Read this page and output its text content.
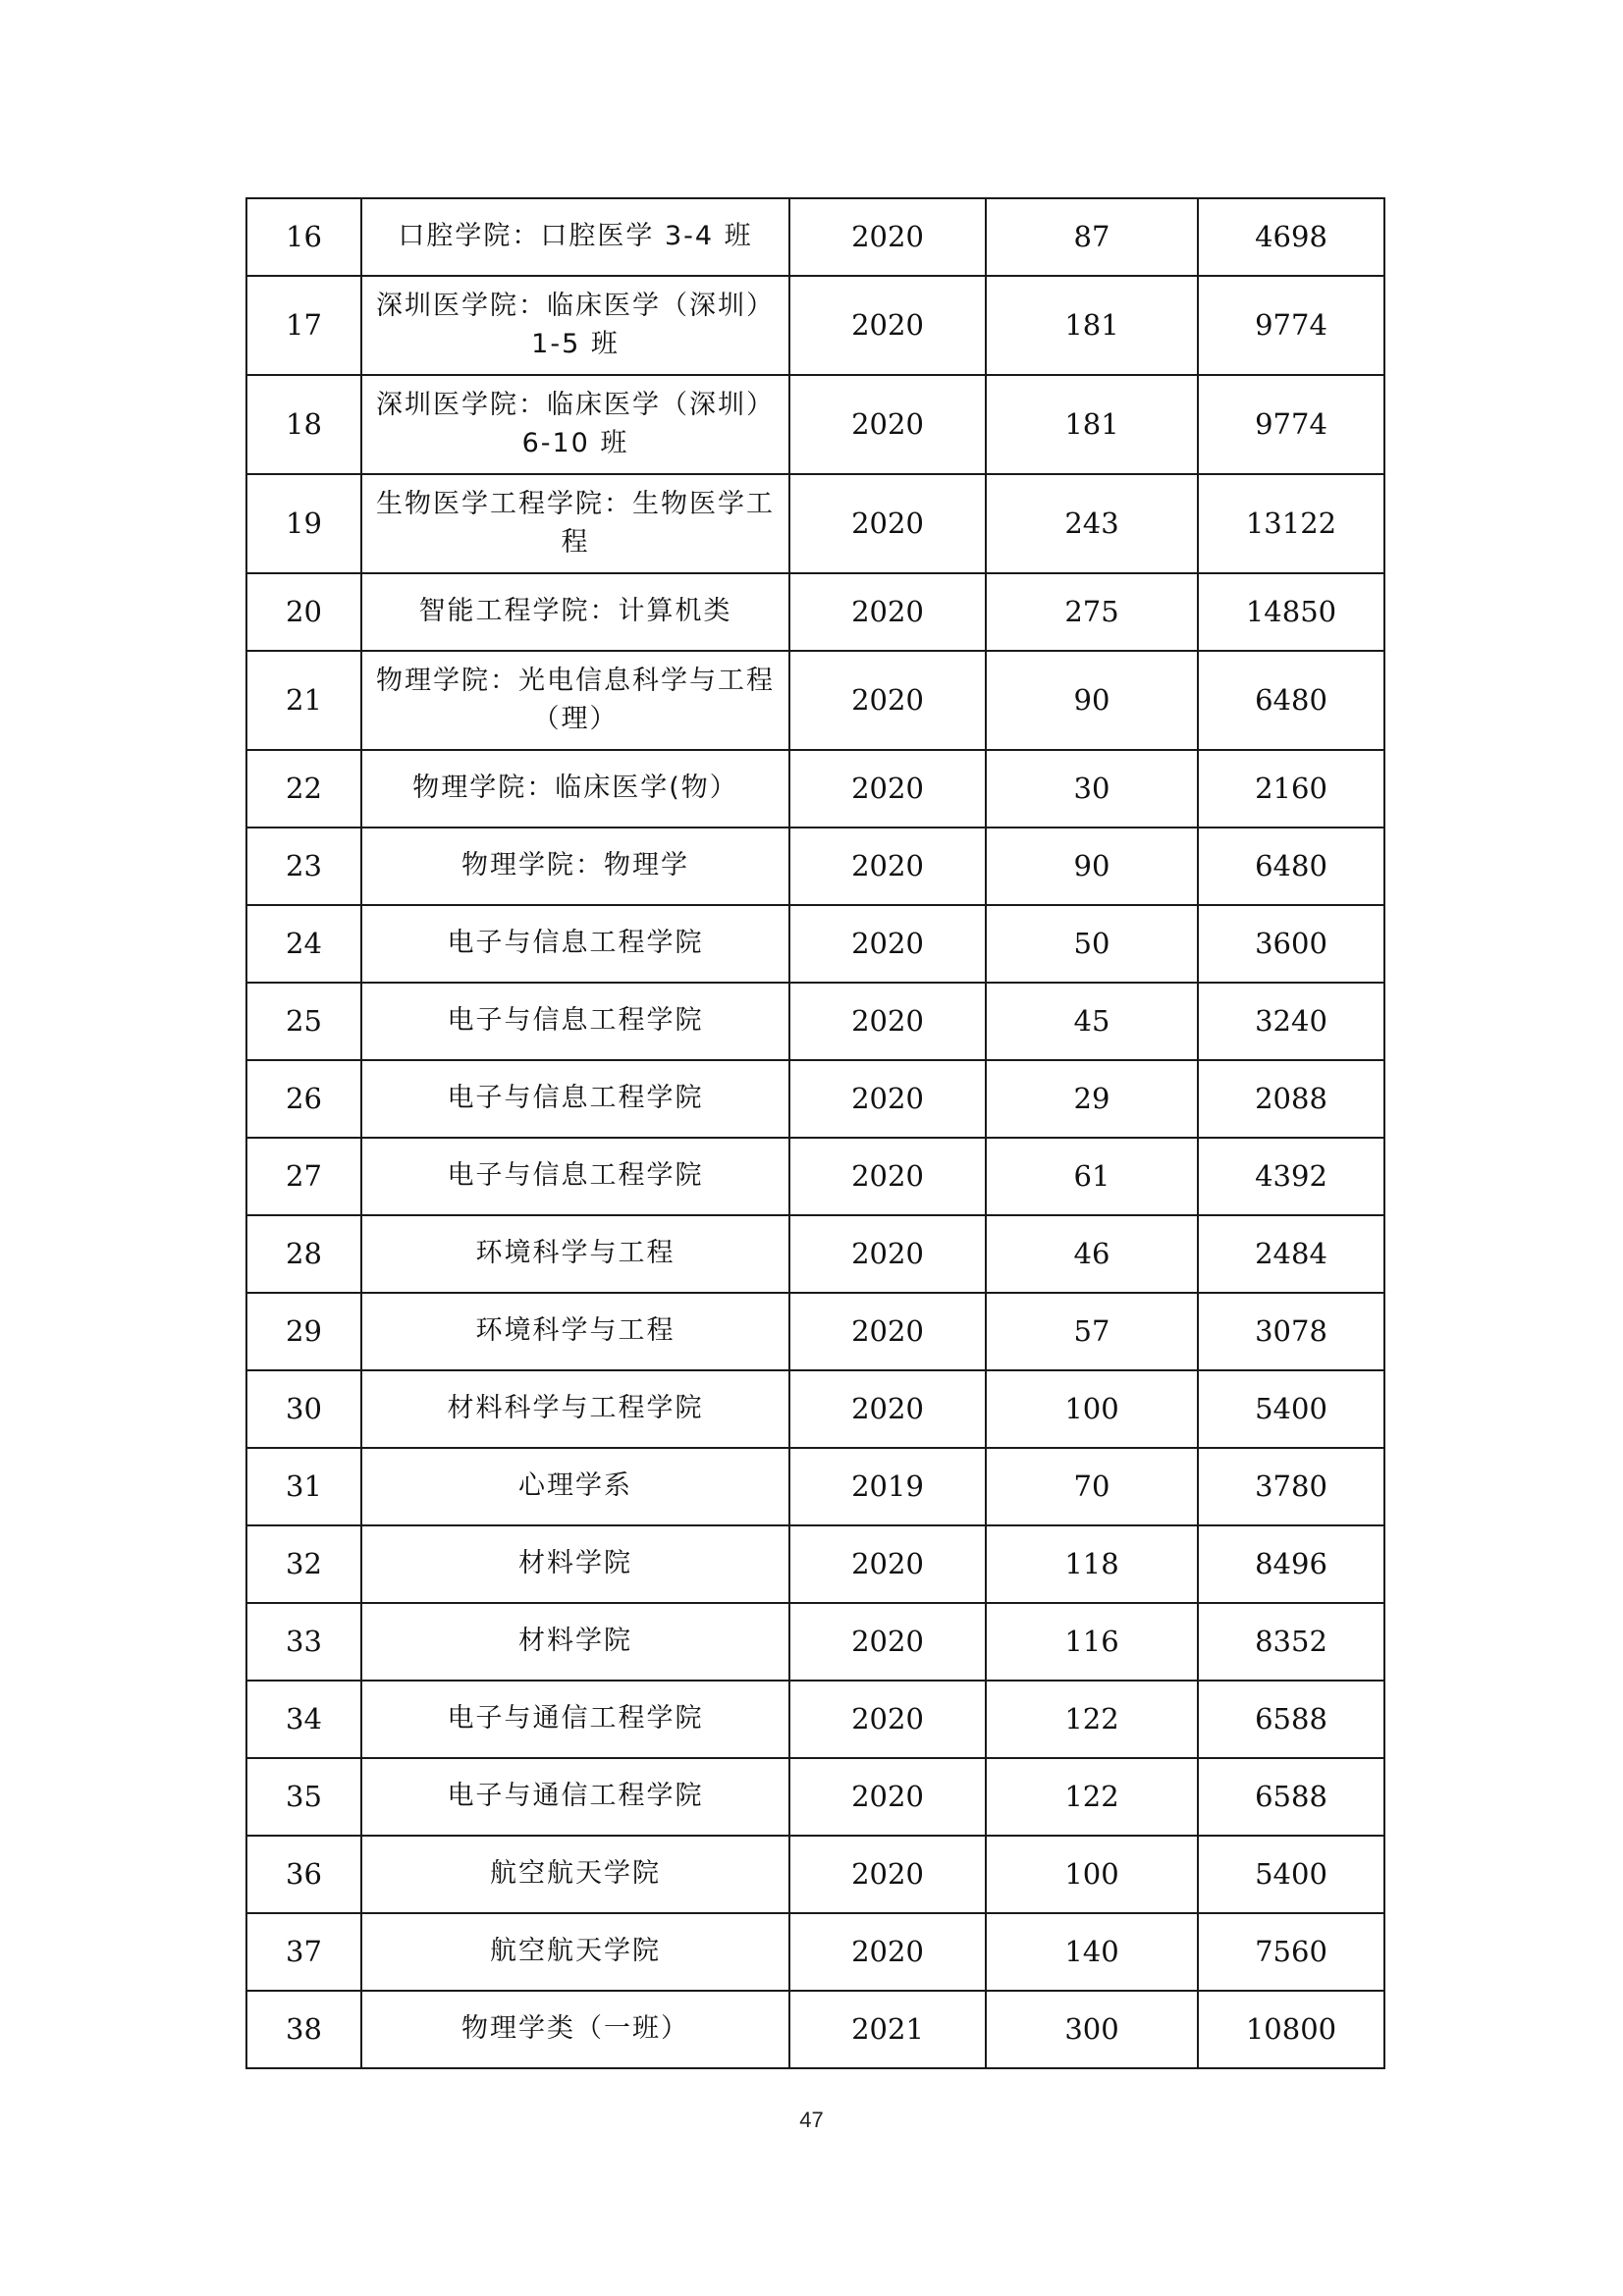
16	口腔学院：口腔医学 3-4 班	2020	87	4698
17	深圳医学院：临床医学（深圳）1-5 班	2020	181	9774
18	深圳医学院：临床医学（深圳）6-10 班	2020	181	9774
19	生物医学工程学院：生物医学工程	2020	243	13122
20	智能工程学院：计算机类	2020	275	14850
21	物理学院：光电信息科学与工程（理）	2020	90	6480
22	物理学院：临床医学(物）	2020	30	2160
23	物理学院：物理学	2020	90	6480
24	电子与信息工程学院	2020	50	3600
25	电子与信息工程学院	2020	45	3240
26	电子与信息工程学院	2020	29	2088
27	电子与信息工程学院	2020	61	4392
28	环境科学与工程	2020	46	2484
29	环境科学与工程	2020	57	3078
30	材料科学与工程学院	2020	100	5400
31	心理学系	2019	70	3780
32	材料学院	2020	118	8496
33	材料学院	2020	116	8352
34	电子与通信工程学院	2020	122	6588
35	电子与通信工程学院	2020	122	6588
36	航空航天学院	2020	100	5400
37	航空航天学院	2020	140	7560
38	物理学类（一班）	2021	300	10800
47
